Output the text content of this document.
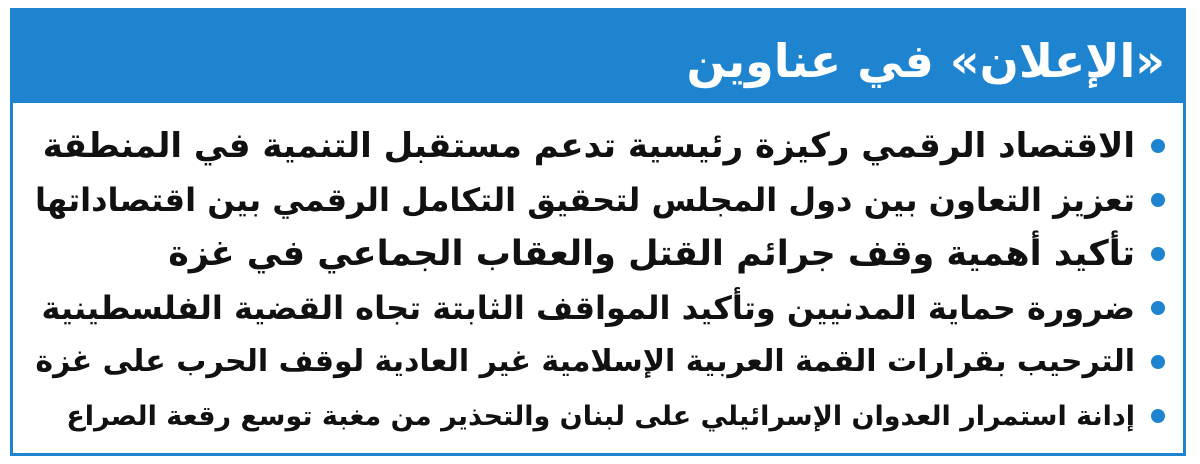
«الإعلان» في عناوين
الاقتصاد الرقمي ركيزة رئيسية تدعم مستقبل التنمية في المنطقة
تعزيز التعاون بين دول المجلس لتحقيق التكامل الرقمي بين اقتصاداتها
تأكيد أهمية وقف جرائم القتل والعقاب الجماعي في غزة
ضرورة حماية المدنيين وتأكيد المواقف الثابتة تجاه القضية الفلسطينية
الترحيب بقرارات القمة العربية الإسلامية غير العادية لوقف الحرب على غزة
إدانة استمرار العدوان الإسرائيلي على لبنان والتحذير من مغبة توسع رقعة الصراع
